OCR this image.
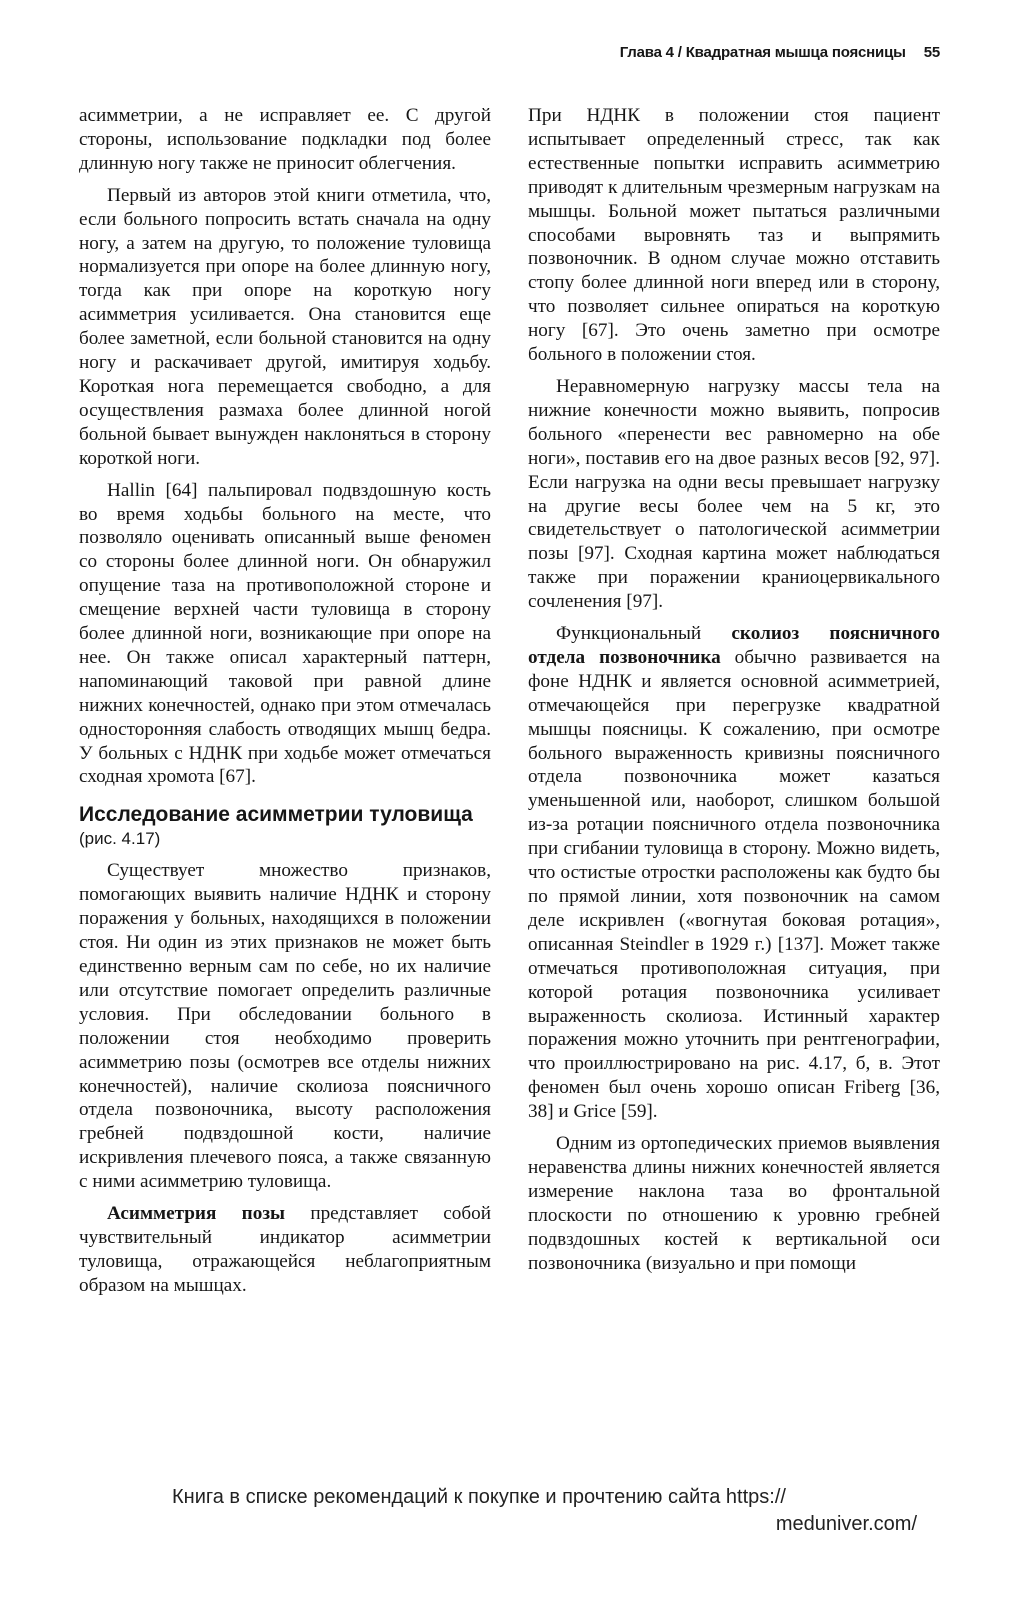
Глава 4 / Квадратная мышца поясницы 55

асимметрии, а не исправляет ее. С другой стороны, использование подкладки под более длинную ногу также не приносит облегчения.

Первый из авторов этой книги отметила, что, если больного попросить встать сначала на одну ногу, а затем на другую, то положение туловища нормализуется при опоре на более длинную ногу, тогда как при опоре на короткую ногу асимметрия усиливается. Она становится еще более заметной, если больной становится на одну ногу и раскачивает другой, имитируя ходьбу. Короткая нога перемещается свободно, а для осуществления размаха более длинной ногой больной бывает вынужден наклоняться в сторону короткой ноги.

Hallin [64] пальпировал подвздошную кость во время ходьбы больного на месте, что позволяло оценивать описанный выше феномен со стороны более длинной ноги. Он обнаружил опущение таза на противоположной стороне и смещение верхней части туловища в сторону более длинной ноги, возникающие при опоре на нее. Он также описал характерный паттерн, напоминающий таковой при равной длине нижних конечностей, однако при этом отмечалась односторонняя слабость отводящих мышц бедра. У больных с НДНК при ходьбе может отмечаться сходная хромота [67].

Исследование асимметрии туловища
(рис. 4.17)

Существует множество признаков, помогающих выявить наличие НДНК и сторону поражения у больных, находящихся в положении стоя. Ни один из этих признаков не может быть единственно верным сам по себе, но их наличие или отсутствие помогает определить различные условия. При обследовании больного в положении стоя необходимо проверить асимметрию позы (осмотрев все отделы нижних конечностей), наличие сколиоза поясничного отдела позвоночника, высоту расположения гребней подвздошной кости, наличие искривления плечевого пояса, а также связанную с ними асимметрию туловища.

Асимметрия позы представляет собой чувствительный индикатор асимметрии туловища, отражающейся неблагоприятным образом на мышцах.

При НДНК в положении стоя пациент испытывает определенный стресс, так как естественные попытки исправить асимметрию приводят к длительным чрезмерным нагрузкам на мышцы. Больной может пытаться различными способами выровнять таз и выпрямить позвоночник. В одном случае можно отставить стопу более длинной ноги вперед или в сторону, что позволяет сильнее опираться на короткую ногу [67]. Это очень заметно при осмотре больного в положении стоя.

Неравномерную нагрузку массы тела на нижние конечности можно выявить, попросив больного «перенести вес равномерно на обе ноги», поставив его на двое разных весов [92, 97]. Если нагрузка на одни весы превышает нагрузку на другие весы более чем на 5 кг, это свидетельствует о патологической асимметрии позы [97]. Сходная картина может наблюдаться также при поражении краниоцервикального сочленения [97].

Функциональный сколиоз поясничного отдела позвоночника обычно развивается на фоне НДНК и является основной асимметрией, отмечающейся при перегрузке квадратной мышцы поясницы. К сожалению, при осмотре больного выраженность кривизны поясничного отдела позвоночника может казаться уменьшенной или, наоборот, слишком большой из-за ротации поясничного отдела позвоночника при сгибании туловища в сторону. Можно видеть, что остистые отростки расположены как будто бы по прямой линии, хотя позвоночник на самом деле искривлен («вогнутая боковая ротация», описанная Steindler в 1929 г.) [137]. Может также отмечаться противоположная ситуация, при которой ротация позвоночника усиливает выраженность сколиоза. Истинный характер поражения можно уточнить при рентгенографии, что проиллюстрировано на рис. 4.17, б, в. Этот феномен был очень хорошо описан Friberg [36, 38] и Grice [59].

Одним из ортопедических приемов выявления неравенства длины нижних конечностей является измерение наклона таза во фронтальной плоскости по отношению к уровню гребней подвздошных костей к вертикальной оси позвоночника (визуально и при помощи

Книга в списке рекомендаций к покупке и прочтению сайта https://
meduniver.com/
